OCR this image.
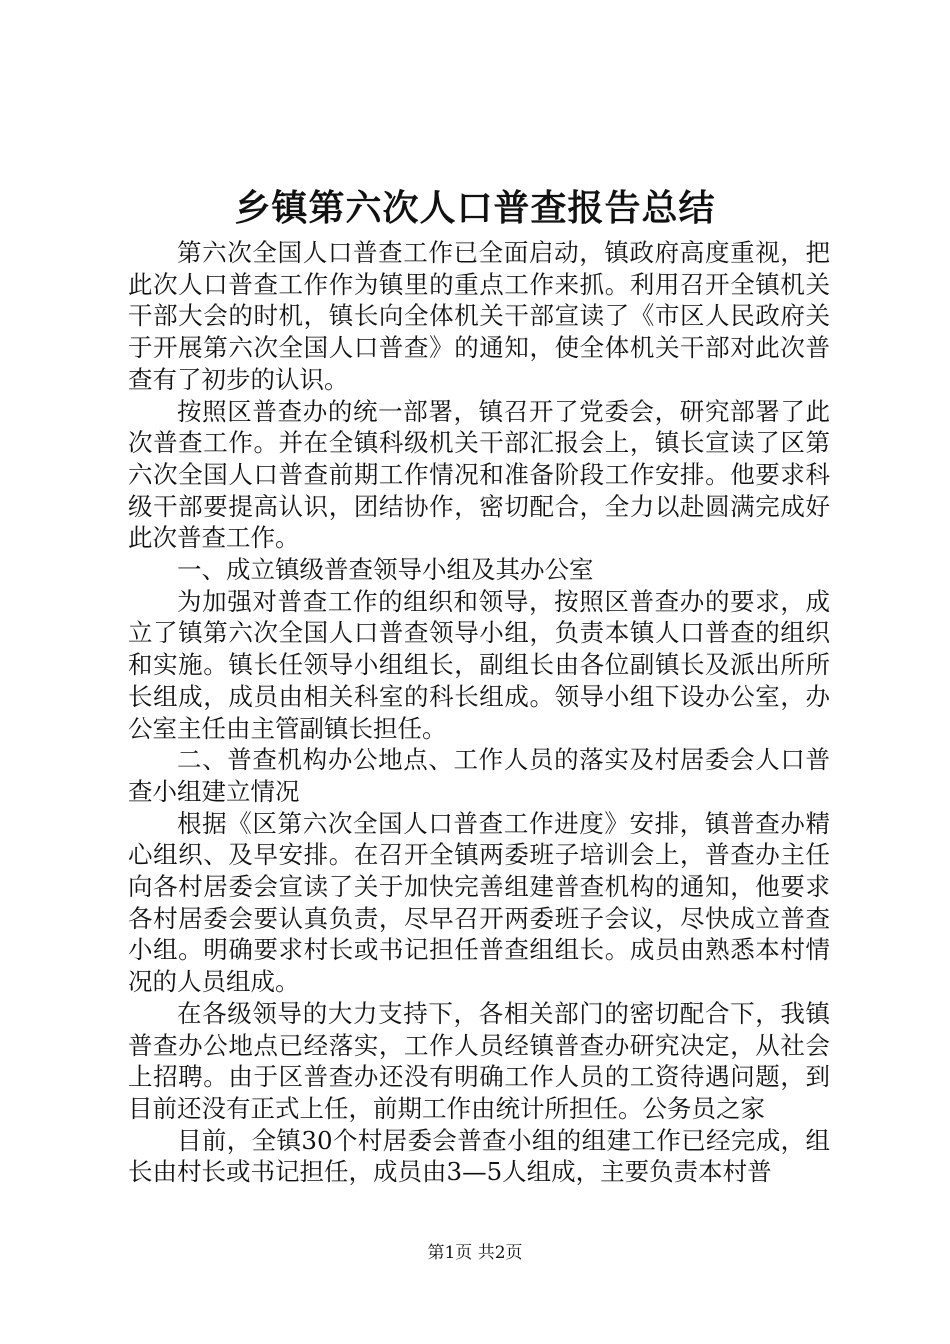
乡镇第六次人口普查报告总结

第六次全国人口普查工作已全面启动，镇政府高度重视，把此次人口普查工作作为镇里的重点工作来抓。利用召开全镇机关干部大会的时机，镇长向全体机关干部宣读了《市区人民政府关于开展第六次全国人口普查》的通知，使全体机关干部对此次普查有了初步的认识。

按照区普查办的统一部署，镇召开了党委会，研究部署了此次普查工作。并在全镇科级机关干部汇报会上，镇长宣读了区第六次全国人口普查前期工作情况和准备阶段工作安排。他要求科级干部要提高认识，团结协作，密切配合，全力以赴圆满完成好此次普查工作。

一、成立镇级普查领导小组及其办公室

为加强对普查工作的组织和领导，按照区普查办的要求，成立了镇第六次全国人口普查领导小组，负责本镇人口普查的组织和实施。镇长任领导小组组长，副组长由各位副镇长及派出所所长组成，成员由相关科室的科长组成。领导小组下设办公室，办公室主任由主管副镇长担任。

二、普查机构办公地点、工作人员的落实及村居委会人口普查小组建立情况

根据《区第六次全国人口普查工作进度》安排，镇普查办精心组织、及早安排。在召开全镇两委班子培训会上，普查办主任向各村居委会宣读了关于加快完善组建普查机构的通知，他要求各村居委会要认真负责，尽早召开两委班子会议，尽快成立普查小组。明确要求村长或书记担任普查组组长。成员由熟悉本村情况的人员组成。

在各级领导的大力支持下，各相关部门的密切配合下，我镇普查办公地点已经落实，工作人员经镇普查办研究决定，从社会上招聘。由于区普查办还没有明确工作人员的工资待遇问题，到目前还没有正式上任，前期工作由统计所担任。公务员之家

目前，全镇30个村居委会普查小组的组建工作已经完成，组长由村长或书记担任，成员由3—5人组成，主要负责本村普

第1页 共2页
